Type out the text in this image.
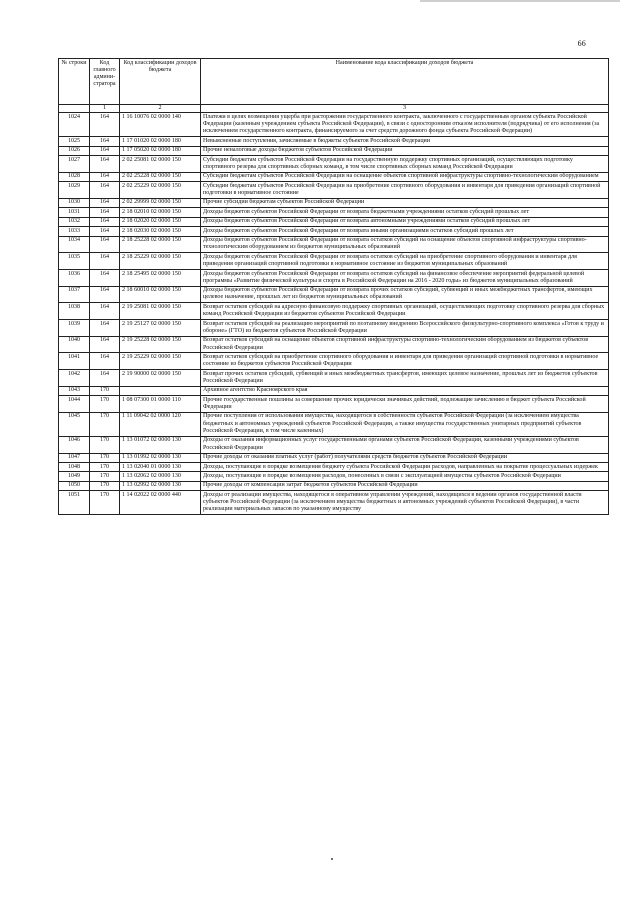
66
№ строки	Код главного админи-стратора	Код классификации доходов бюджета	Наименование кода классификации доходов бюджета
	1	2	3
1024	164	1 16 10076 02 0000 140	Платежи в целях возмещения ущерба при расторжении государственного контракта, заключенного с государственным органом субъекта Российской Федерации (казенным учреждением субъекта Российской Федерации), в связи с односторонним отказом исполнителя (подрядчика) от его исполнения (за исключением государственного контракта, финансируемого за счет средств дорожного фонда субъекта Российской Федерации)
1025	164	1 17 01020 02 0000 180	Невыясненные поступления, зачисляемые в бюджеты субъектов Российской Федерации
1026	164	1 17 05020 02 0000 180	Прочие неналоговые доходы бюджетов субъектов Российской Федерации
1027	164	2 02 25081 02 0000 150	Субсидии бюджетам субъектов Российской Федерации на государственную поддержку спортивных организаций, осуществляющих подготовку спортивного резерва для спортивных сборных команд, в том числе спортивных сборных команд Российской Федерации
1028	164	2 02 25228 02 0000 150	Субсидии бюджетам субъектов Российской Федерации на оснащение объектов спортивной инфраструктуры спортивно-технологическим оборудованием
1029	164	2 02 25229 02 0000 150	Субсидии бюджетам субъектов Российской Федерации на приобретение спортивного оборудования и инвентаря для приведения организаций спортивной подготовки в нормативное состояние
1030	164	2 02 29999 02 0000 150	Прочие субсидии бюджетам субъектов Российской Федерации
1031	164	2 18 02010 02 0000 150	Доходы бюджетов субъектов Российской Федерации от возврата бюджетными учреждениями остатков субсидий прошлых лет
1032	164	2 18 02020 02 0000 150	Доходы бюджетов субъектов Российской Федерации от возврата автономными учреждениями остатков субсидий прошлых лет
1033	164	2 18 02030 02 0000 150	Доходы бюджетов субъектов Российской Федерации от возврата иными организациями остатков субсидий прошлых лет
1034	164	2 18 25228 02 0000 150	Доходы бюджетов субъектов Российской Федерации от возврата остатков субсидий на оснащение объектов спортивной инфраструктуры спортивно-технологическим оборудованием из бюджетов муниципальных образований
1035	164	2 18 25229 02 0000 150	Доходы бюджетов субъектов Российской Федерации от возврата остатков субсидий на приобретение спортивного оборудования и инвентаря для приведения организаций спортивной подготовки в нормативное состояние из бюджетов муниципальных образований
1036	164	2 18 25495 02 0000 150	Доходы бюджетов субъектов Российской Федерации от возврата остатков субсидий на финансовое обеспечение мероприятий федеральной целевой программы «Развитие физической культуры и спорта в Российской Федерации на 2016 - 2020 годы» из бюджетов муниципальных образований
1037	164	2 18 60010 02 0000 150	Доходы бюджетов субъектов Российской Федерации от возврата прочих остатков субсидий, субвенций и иных межбюджетных трансфертов, имеющих целевое назначение, прошлых лет из бюджетов муниципальных образований
1038	164	2 19 25081 02 0000 150	Возврат остатков субсидий на адресную финансовую поддержку спортивных организаций, осуществляющих подготовку спортивного резерва для сборных команд Российской Федерации из бюджетов субъектов Российской Федерации
1039	164	2 19 25127 02 0000 150	Возврат остатков субсидий на реализацию мероприятий по поэтапному внедрению Всероссийского физкультурно-спортивного комплекса «Готов к труду и обороне» (ГТО) из бюджетов субъектов Российской Федерации
1040	164	2 19 25228 02 0000 150	Возврат остатков субсидий на оснащение объектов спортивной инфраструктуры спортивно-технологическим оборудованием из бюджетов субъектов Российской Федерации
1041	164	2 19 25229 02 0000 150	Возврат остатков субсидий на приобретение спортивного оборудования и инвентаря для приведения организаций спортивной подготовки в нормативное состояние из бюджетов субъектов Российской Федерации
1042	164	2 19 90000 02 0000 150	Возврат прочих остатков субсидий, субвенций и иных межбюджетных трансфертов, имеющих целевое назначение, прошлых лет из бюджетов субъектов Российской Федерации
1043	170		Архивное агентство Красноярского края
1044	170	1 08 07300 01 0000 110	Прочие государственные пошлины за совершение прочих юридически значимых действий, подлежащие зачислению в бюджет субъекта Российской Федерации
1045	170	1 11 09042 02 0000 120	Прочие поступления от использования имущества, находящегося в собственности субъектов Российской Федерации (за исключением имущества бюджетных и автономных учреждений субъектов Российской Федерации, а также имущества государственных унитарных предприятий субъектов Российской Федерации, в том числе казенных)
1046	170	1 13 01072 02 0000 130	Доходы от оказания информационных услуг государственными органами субъектов Российской Федерации, казенными учреждениями субъектов Российской Федерации
1047	170	1 13 01992 02 0000 130	Прочие доходы от оказания платных услуг (работ) получателями средств бюджетов субъектов Российской Федерации
1048	170	1 13 02040 01 0000 130	Доходы, поступающие в порядке возмещения бюджету субъекта Российской Федерации расходов, направленных на покрытие процессуальных издержек
1049	170	1 13 02062 02 0000 130	Доходы, поступающие в порядке возмещения расходов, понесенных в связи с эксплуатацией имущества субъектов Российской Федерации
1050	170	1 13 02992 02 0000 130	Прочие доходы от компенсации затрат бюджетов субъектов Российской Федерации
1051	170	1 14 02022 02 0000 440	Доходы от реализации имущества, находящегося в оперативном управлении учреждений, находящихся в ведении органов государственной власти субъектов Российской Федерации (за исключением имущества бюджетных и автономных учреждений субъектов Российской Федерации), в части реализации материальных запасов по указанному имуществу
